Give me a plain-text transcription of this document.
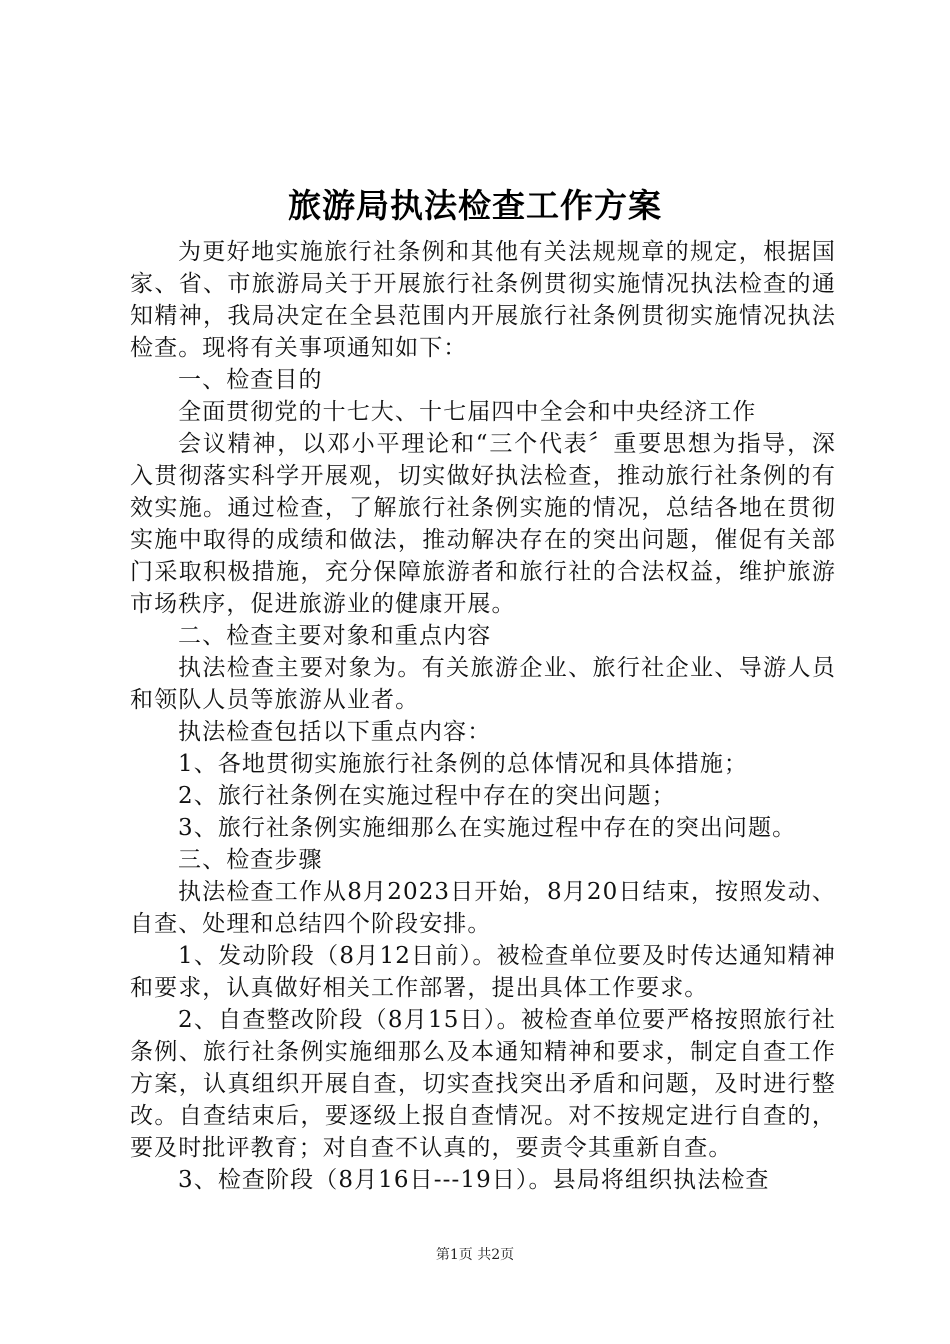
旅游局执法检查工作方案

为更好地实施旅行社条例和其他有关法规规章的规定，根据国家、省、市旅游局关于开展旅行社条例贯彻实施情况执法检查的通知精神，我局决定在全县范围内开展旅行社条例贯彻实施情况执法检查。现将有关事项通知如下：

一、检查目的

全面贯彻党的十七大、十七届四中全会和中央经济工作

会议精神，以邓小平理论和“三个代表〞重要思想为指导，深入贯彻落实科学开展观，切实做好执法检查，推动旅行社条例的有效实施。通过检查，了解旅行社条例实施的情况，总结各地在贯彻实施中取得的成绩和做法，推动解决存在的突出问题，催促有关部门采取积极措施，充分保障旅游者和旅行社的合法权益，维护旅游市场秩序，促进旅游业的健康开展。

二、检查主要对象和重点内容

执法检查主要对象为。有关旅游企业、旅行社企业、导游人员和领队人员等旅游从业者。

执法检查包括以下重点内容：

1、各地贯彻实施旅行社条例的总体情况和具体措施；

2、旅行社条例在实施过程中存在的突出问题；

3、旅行社条例实施细那么在实施过程中存在的突出问题。

三、检查步骤

执法检查工作从8月2023日开始，8月20日结束，按照发动、自查、处理和总结四个阶段安排。

1、发动阶段（8月12日前）。被检查单位要及时传达通知精神和要求，认真做好相关工作部署，提出具体工作要求。

2、自查整改阶段（8月15日）。被检查单位要严格按照旅行社条例、旅行社条例实施细那么及本通知精神和要求，制定自查工作方案，认真组织开展自查，切实查找突出矛盾和问题，及时进行整改。自查结束后，要逐级上报自查情况。对不按规定进行自查的，要及时批评教育；对自查不认真的，要责令其重新自查。

3、检查阶段（8月16日---19日）。县局将组织执法检查

第1页 共2页
